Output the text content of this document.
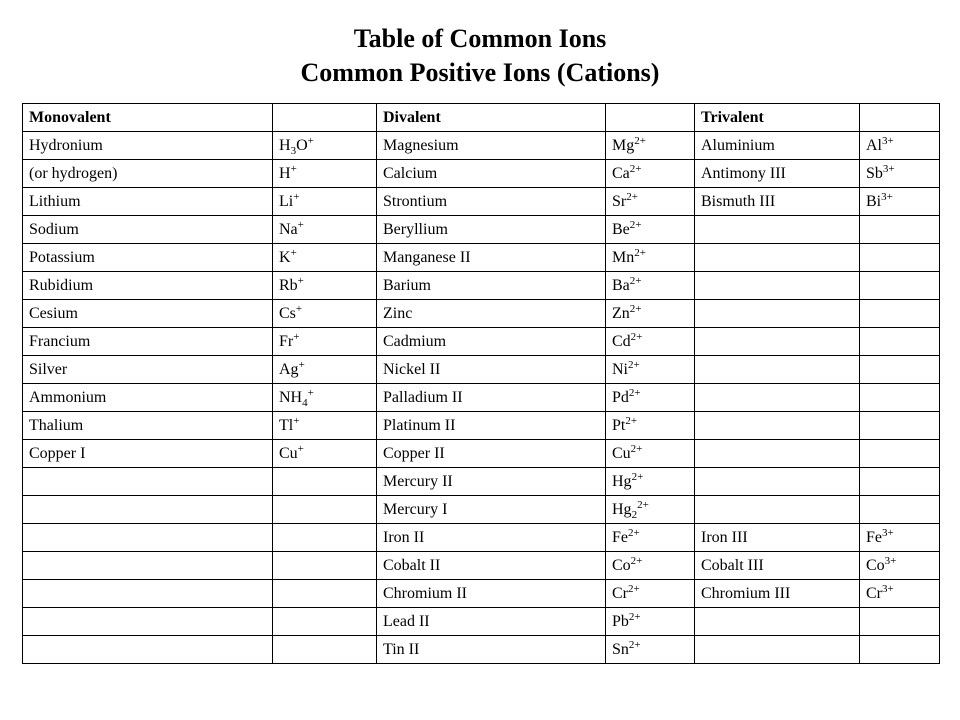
Table of Common Ions
Common Positive Ions (Cations)
Monovalent		Divalent		Trivalent	
Hydronium	$H_3O^+$	Magnesium	$Mg^{2+}$	Aluminium	$Al^{3+}$
(or hydrogen)	H+	Calcium	$Ca^{2+}$	Antimony III	$Sb^{3+}$
Lithium	Li+	Strontium	$Sr^{2+}$	Bismuth III	$Bi^{3+}$
Sodium	Na+	Beryllium	$Be^{2+}$		
Potassium	K+	Manganese II	$Mn^{2+}$		
Rubidium	Rb+	Barium	$Ba^{2+}$		
Cesium	Cs+	Zinc	$Zn^{2+}$		
Francium	Fr+	Cadmium	$Cd^{2+}$		
Silver	Ag+	Nickel II	$Ni^{2+}$		
Ammonium	$NH_4^+$	Palladium II	$Pd^{2+}$		
Thalium	Tl+	Platinum II	$Pt^{2+}$		
Copper I	Cu+	Copper II	$Cu^{2+}$		
		Mercury II	$Hg^{2+}$		
		Mercury I	$Hg_2^{2+}$		
		Iron II	$Fe^{2+}$	Iron III	$Fe^{3+}$
		Cobalt II	$Co^{2+}$	Cobalt III	$Co^{3+}$
		Chromium II	$Cr^{2+}$	Chromium III	$Cr^{3+}$
		Lead II	$Pb^{2+}$		
		Tin II	$Sn^{2+}$		
